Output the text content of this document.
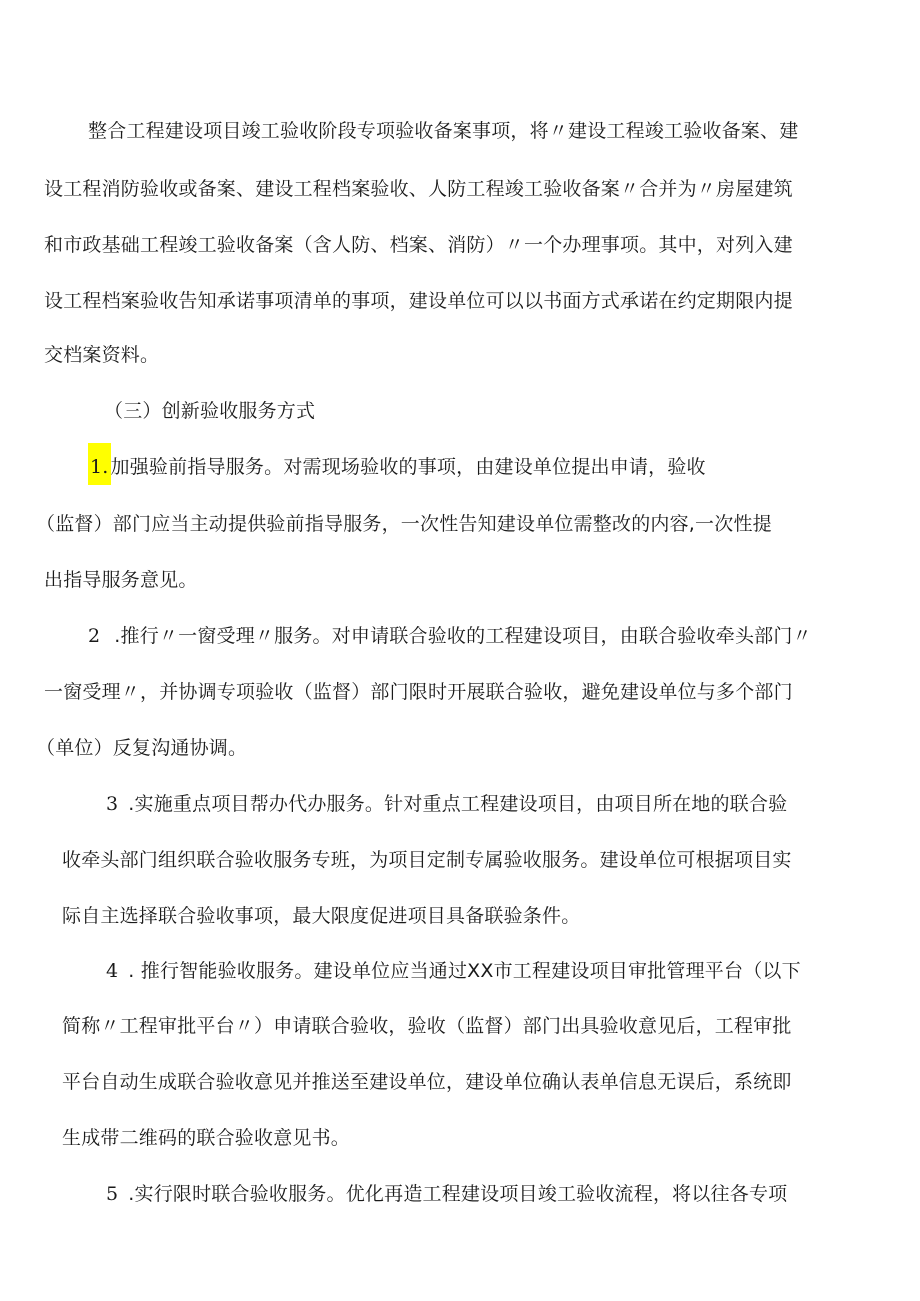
整合工程建设项目竣工验收阶段专项验收备案事项，将〃建设工程竣工验收备案、建

设工程消防验收或备案、建设工程档案验收、人防工程竣工验收备案〃合并为〃房屋建筑

和市政基础工程竣工验收备案（含人防、档案、消防）〃一个办理事项。其中，对列入建

设工程档案验收告知承诺事项清单的事项，建设单位可以以书面方式承诺在约定期限内提

交档案资料。

（三）创新验收服务方式

1. 加强验前指导服务。对需现场验收的事项，由建设单位提出申请，验收

（监督）部门应当主动提供验前指导服务，一次性告知建设单位需整改的内容,一次性提

出指导服务意见。

2 .推行〃一窗受理〃服务。对申请联合验收的工程建设项目，由联合验收牵头部门〃

一窗受理〃，并协调专项验收（监督）部门限时开展联合验收，避免建设单位与多个部门

（单位）反复沟通协调。

3 .实施重点项目帮办代办服务。针对重点工程建设项目，由项目所在地的联合验

收牵头部门组织联合验收服务专班，为项目定制专属验收服务。建设单位可根据项目实

际自主选择联合验收事项，最大限度促进项目具备联验条件。

4 . 推行智能验收服务。建设单位应当通过XX市工程建设项目审批管理平台（以下

简称〃工程审批平台〃）申请联合验收，验收（监督）部门出具验收意见后，工程审批

平台自动生成联合验收意见并推送至建设单位，建设单位确认表单信息无误后，系统即

生成带二维码的联合验收意见书。

5 .实行限时联合验收服务。优化再造工程建设项目竣工验收流程，将以往各专项
